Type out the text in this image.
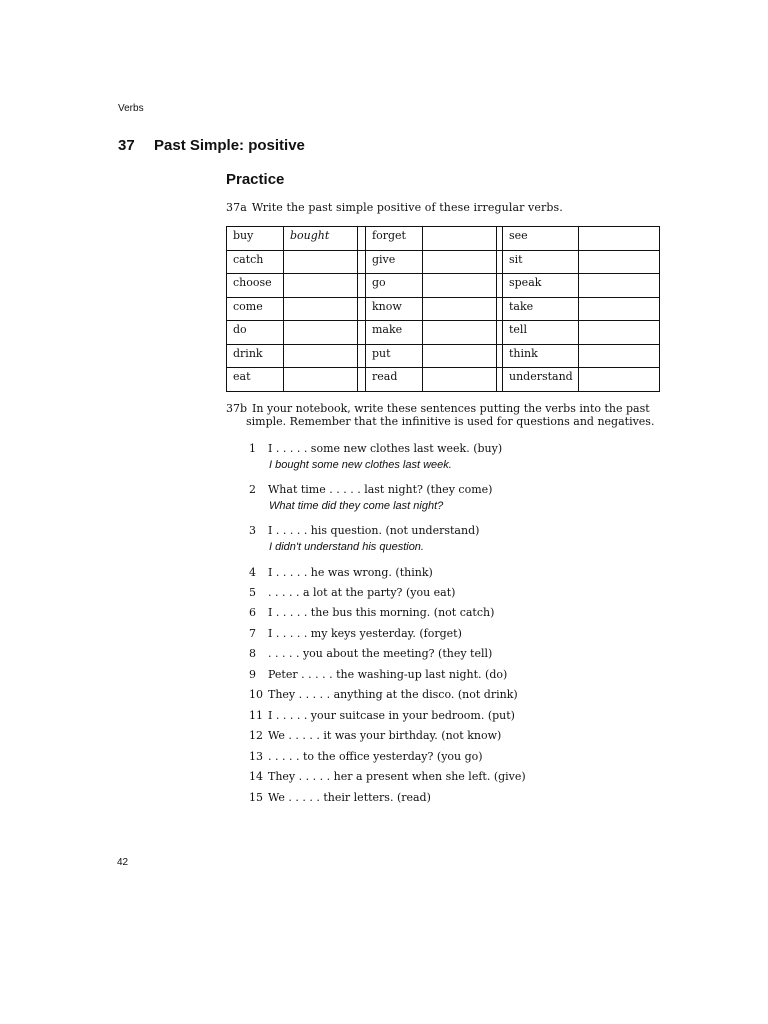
Verbs
37 Past Simple: positive
Practice
37a Write the past simple positive of these irregular verbs.
buy	bought		forget			see	
catch			give			sit	
choose			go			speak	
come			know			take	
do			make			tell	
drink			put			think	
eat			read			understand	
37b In your notebook, write these sentences putting the verbs into the past
simple. Remember that the infinitive is used for questions and negatives.
1 I . . . . . some new clothes last week. (buy)
I bought some new clothes last week.
2 What time . . . . . last night? (they come)
What time did they come last night?
3 I . . . . . his question. (not understand)
I didn't understand his question.
4 I . . . . . he was wrong. (think)
5 . . . . . a lot at the party? (you eat)
6 I . . . . . the bus this morning. (not catch)
7 I . . . . . my keys yesterday. (forget)
8 . . . . . you about the meeting? (they tell)
9 Peter . . . . . the washing-up last night. (do)
10 They . . . . . anything at the disco. (not drink)
11 I . . . . . your suitcase in your bedroom. (put)
12 We . . . . . it was your birthday. (not know)
13 . . . . . to the office yesterday? (you go)
14 They . . . . . her a present when she left. (give)
15 We . . . . . their letters. (read)
42
